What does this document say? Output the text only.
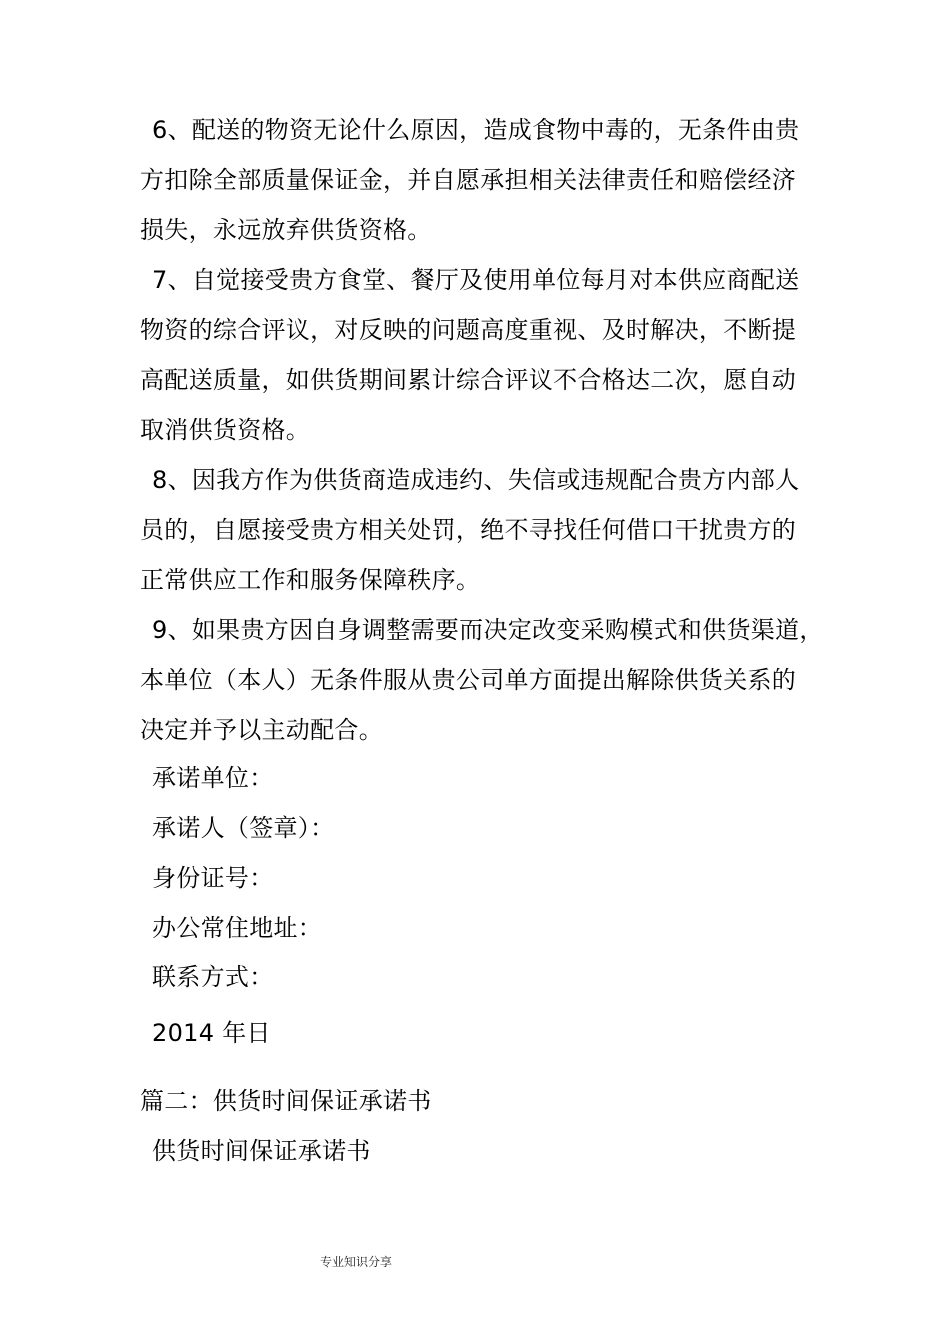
6、配送的物资无论什么原因，造成食物中毒的，无条件由贵
方扣除全部质量保证金，并自愿承担相关法律责任和赔偿经济
损失，永远放弃供货资格。
7、自觉接受贵方食堂、餐厅及使用单位每月对本供应商配送
物资的综合评议，对反映的问题高度重视、及时解决，不断提
高配送质量，如供货期间累计综合评议不合格达二次，愿自动
取消供货资格。
8、因我方作为供货商造成违约、失信或违规配合贵方内部人
员的，自愿接受贵方相关处罚，绝不寻找任何借口干扰贵方的
正常供应工作和服务保障秩序。
9、如果贵方因自身调整需要而决定改变采购模式和供货渠道，
本单位（本人）无条件服从贵公司单方面提出解除供货关系的
决定并予以主动配合。
承诺单位：
承诺人（签章）：
身份证号：
办公常住地址：
联系方式：
2014 年日
篇二：供货时间保证承诺书
供货时间保证承诺书
专业知识分享
